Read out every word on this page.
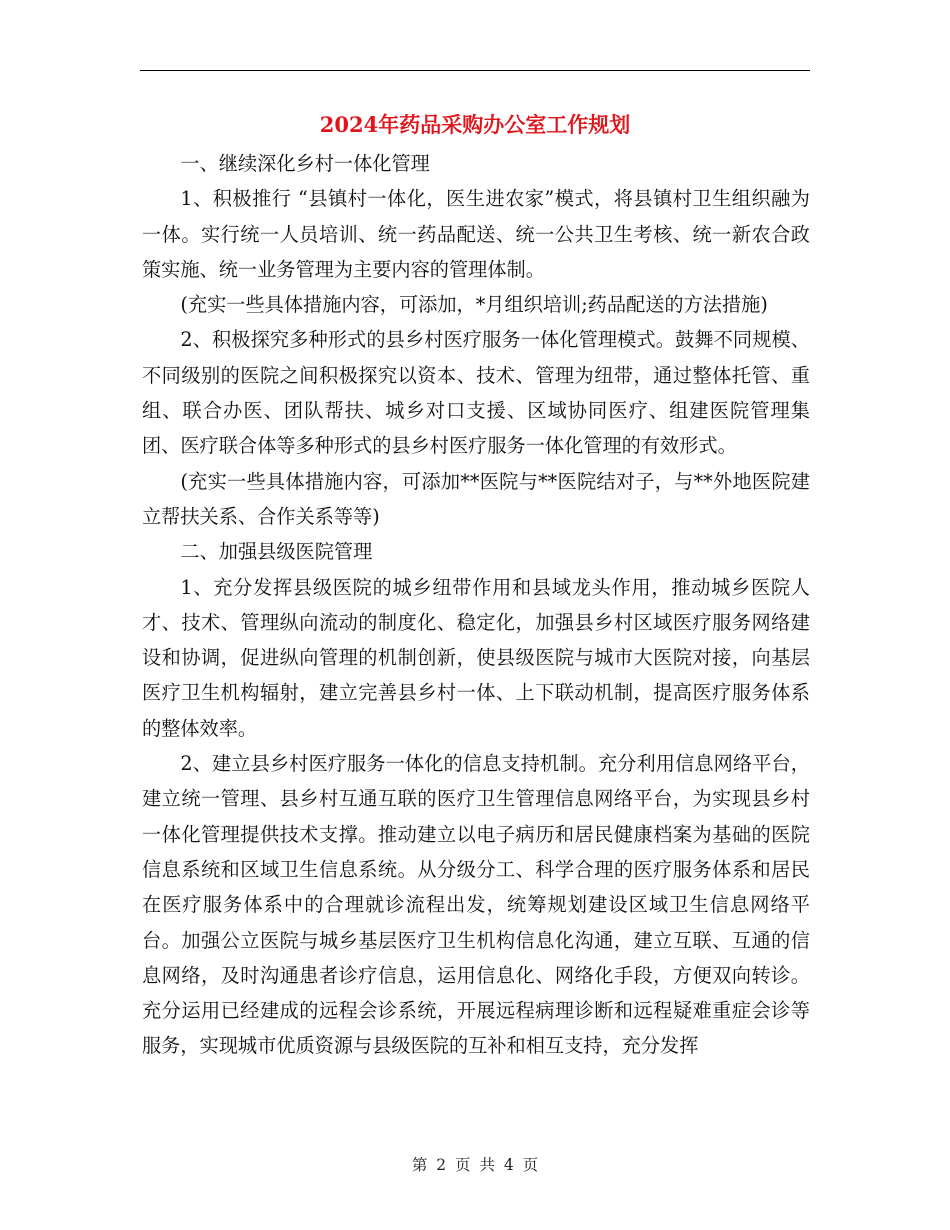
2024年药品采购办公室工作规划

一、继续深化乡村一体化管理

1、积极推行 “县镇村一体化，医生进农家”模式，将县镇村卫生组织融为一体。实行统一人员培训、统一药品配送、统一公共卫生考核、统一新农合政策实施、统一业务管理为主要内容的管理体制。

(充实一些具体措施内容，可添加，*月组织培训;药品配送的方法措施)

2、积极探究多种形式的县乡村医疗服务一体化管理模式。鼓舞不同规模、不同级别的医院之间积极探究以资本、技术、管理为纽带，通过整体托管、重组、联合办医、团队帮扶、城乡对口支援、区域协同医疗、组建医院管理集团、医疗联合体等多种形式的县乡村医疗服务一体化管理的有效形式。

(充实一些具体措施内容，可添加**医院与**医院结对子，与**外地医院建立帮扶关系、合作关系等等)

二、加强县级医院管理

1、充分发挥县级医院的城乡纽带作用和县域龙头作用，推动城乡医院人才、技术、管理纵向流动的制度化、稳定化，加强县乡村区域医疗服务网络建设和协调，促进纵向管理的机制创新，使县级医院与城市大医院对接，向基层医疗卫生机构辐射，建立完善县乡村一体、上下联动机制，提高医疗服务体系的整体效率。

2、建立县乡村医疗服务一体化的信息支持机制。充分利用信息网络平台，建立统一管理、县乡村互通互联的医疗卫生管理信息网络平台，为实现县乡村一体化管理提供技术支撑。推动建立以电子病历和居民健康档案为基础的医院信息系统和区域卫生信息系统。从分级分工、科学合理的医疗服务体系和居民在医疗服务体系中的合理就诊流程出发，统筹规划建设区域卫生信息网络平台。加强公立医院与城乡基层医疗卫生机构信息化沟通，建立互联、互通的信息网络，及时沟通患者诊疗信息，运用信息化、网络化手段，方便双向转诊。充分运用已经建成的远程会诊系统，开展远程病理诊断和远程疑难重症会诊等服务，实现城市优质资源与县级医院的互补和相互支持，充分发挥

第 2 页 共 4 页
